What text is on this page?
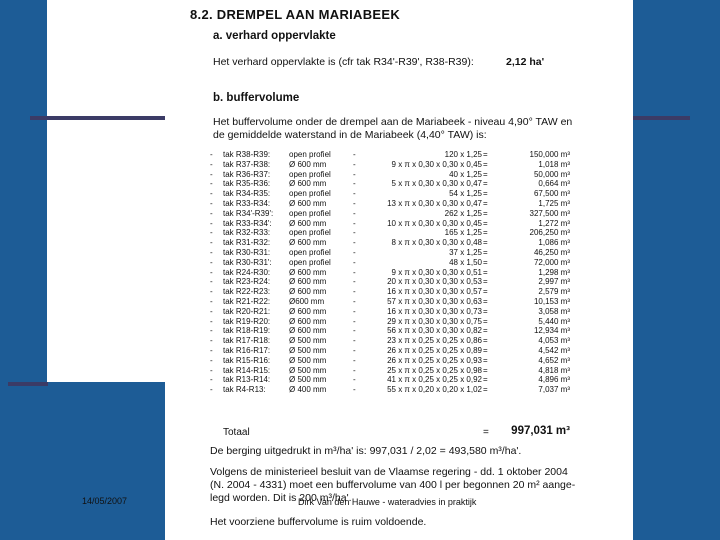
8.2. DREMPEL AAN MARIABEEK
a. verhard oppervlakte
Het verhard oppervlakte is (cfr tak R34'-R39', R38-R39):	2,12 ha'
b. buffervolume
Het buffervolume onder de drempel aan de Mariabeek - niveau 4,90° TAW en
de gemiddelde waterstand in de Mariabeek (4,40° TAW) is:
- tak R38-R39: open profiel	-	120 x 1,25 =	150,000 m³
- tak R37-R38: Ø 600 mm	-	9 x π x 0,30 x 0,30 x 0,45 =	1,018 m³
- tak R36-R37: open profiel	-	40 x 1,25 =	50,000 m³
- tak R35-R36: Ø 600 mm	-	5 x π x 0,30 x 0,30 x 0,47 =	0,664 m³
- tak R34-R35: open profiel	-	54 x 1,25 =	67,500 m³
- tak R33-R34: Ø 600 mm	-	13 x π x 0,30 x 0,30 x 0,47 =	1,725 m³
- tak R34'-R39': open profiel	-	262 x 1,25 =	327,500 m³
- tak R33-R34': Ø 600 mm	-	10 x π x 0,30 x 0,30 x 0,45 =	1,272 m³
- tak R32-R33: open profiel	-	165 x 1,25 =	206,250 m³
- tak R31-R32: Ø 600 mm	-	8 x π x 0,30 x 0,30 x 0,48 =	1,086 m³
- tak R30-R31: open profiel	-	37 x 1,25 =	46,250 m³
- tak R30-R31': open profiel	-	48 x 1,50 =	72,000 m³
- tak R24-R30: Ø 600 mm	-	9 x π x 0,30 x 0,30 x 0,51 =	1,298 m³
- tak R23-R24: Ø 600 mm	-	20 x π x 0,30 x 0,30 x 0,53 =	2,997 m³
- tak R22-R23: Ø 600 mm	-	16 x π x 0,30 x 0,30 x 0,57 =	2,579 m³
- tak R21-R22: Ø600 mm	-	57 x π x 0,30 x 0,30 x 0,63 =	10,153 m³
- tak R20-R21: Ø 600 mm	-	16 x π x 0,30 x 0,30 x 0,73 =	3,058 m³
- tak R19-R20: Ø 600 mm	-	29 x π x 0,30 x 0,30 x 0,75 =	5,440 m³
- tak R18-R19: Ø 600 mm	-	56 x π x 0,30 x 0,30 x 0,82 =	12,934 m³
- tak R17-R18: Ø 500 mm	-	23 x π x 0,25 x 0,25 x 0,86 =	4,053 m³
- tak R16-R17: Ø 500 mm	-	26 x π x 0,25 x 0,25 x 0,89 =	4,542 m³
- tak R15-R16: Ø 500 mm	-	26 x π x 0,25 x 0,25 x 0,93 =	4,652 m³
- tak R14-R15: Ø 500 mm	-	25 x π x 0,25 x 0,25 x 0,98 =	4,818 m³
- tak R13-R14: Ø 500 mm	-	41 x π x 0,25 x 0,25 x 0,92 =	4,896 m³
- tak R4-R13:	Ø 400 mm	-	55 x π x 0,20 x 0,20 x 1,02 =	7,037 m³
Totaal	= 997,031 m³
De berging uitgedrukt in m³/ha' is: 997,031 / 2,02 = 493,580 m³/ha'.
Volgens de ministerieel besluit van de Vlaamse regering - dd. 1 oktober 2004
(N. 2004 - 4331) moet een buffervolume van 400 l per begonnen 20 m² aange-
legd worden. Dit is 200 m³/ha'.
Het voorziene buffervolume is ruim voldoende.
14/05/2007	Dirk Van den Hauwe - wateradvies in praktijk
